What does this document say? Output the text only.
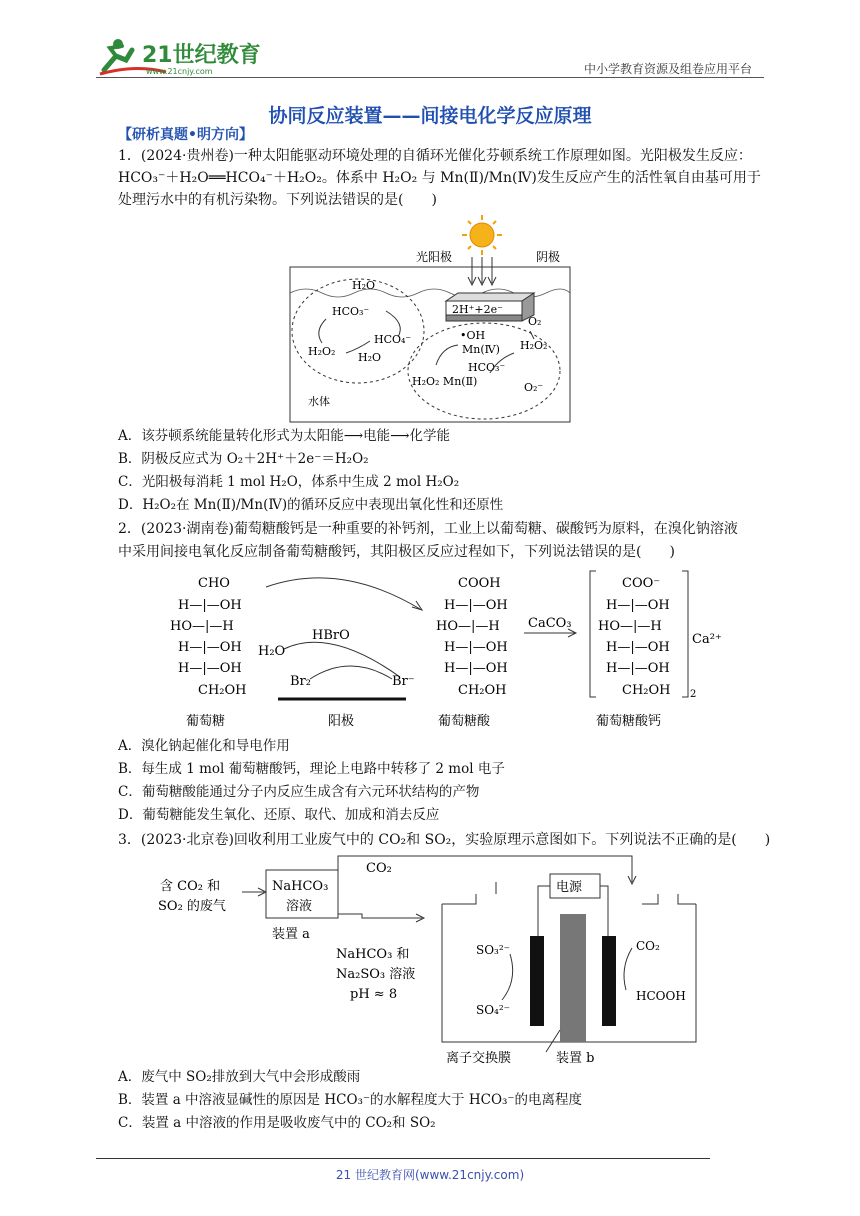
21世纪教育
www.21cnjy.com	中小学教育资源及组卷应用平台
协同反应装置——间接电化学反应原理
【研析真题•明方向】
1．(2024·贵州卷)一种太阳能驱动环境处理的自循环光催化芬顿系统工作原理如图。光阳极发生反应：
HCO₃⁻＋H₂O══HCO₄⁻＋H₂O₂。体系中 H₂O₂ 与 Mn(Ⅱ)/Mn(Ⅳ)发生反应产生的活性氧自由基可用于
处理污水中的有机污染物。下列说法错误的是(　　)
光阳极	阴极
2H⁺+2e⁻
H₂O
HCO₃⁻
HCO₄⁻
H₂O₂ H₂O
O₂
•OH
Mn(Ⅳ) H₂O₂
HCO₃⁻
H₂O₂ Mn(Ⅱ)	O₂⁻
水体
A．该芬顿系统能量转化形式为太阳能⟶电能⟶化学能
B．阴极反应式为 O₂＋2H⁺＋2e⁻＝H₂O₂
C．光阳极每消耗 1 mol H₂O，体系中生成 2 mol H₂O₂
D．H₂O₂在 Mn(Ⅱ)/Mn(Ⅳ)的循环反应中表现出氧化性和还原性
2．(2023·湖南卷)葡萄糖酸钙是一种重要的补钙剂，工业上以葡萄糖、碳酸钙为原料，在溴化钠溶液
中采用间接电氧化反应制备葡萄糖酸钙，其阳极区反应过程如下，下列说法错误的是(　　)
CHO
H—|—OH
HO—|—H
H—|—OH
H—|—OH
CH₂OH
葡萄糖
HBrO
H₂O
Br₂	Br⁻
阳极
COOH
H—|—OH
HO—|—H
H—|—OH
H—|—OH
CH₂OH
葡萄糖酸
CaCO₃
COO⁻
H—|—OH
HO—|—H
H—|—OH
H—|—OH
CH₂OH
Ca²⁺
2
葡萄糖酸钙
A．溴化钠起催化和导电作用
B．每生成 1 mol 葡萄糖酸钙，理论上电路中转移了 2 mol 电子
C．葡萄糖酸能通过分子内反应生成含有六元环状结构的产物
D．葡萄糖能发生氧化、还原、取代、加成和消去反应
3．(2023·北京卷)回收利用工业废气中的 CO₂和 SO₂，实验原理示意图如下。下列说法不正确的是(　　)
含 CO₂ 和
SO₂ 的废气
NaHCO₃
溶液
装置 a
CO₂
NaHCO₃ 和
Na₂SO₃ 溶液
pH ≈ 8
电源
SO₃²⁻
SO₄²⁻
CO₂
HCOOH
离子交换膜	装置 b
A．废气中 SO₂排放到大气中会形成酸雨
B．装置 a 中溶液显碱性的原因是 HCO₃⁻的水解程度大于 HCO₃⁻的电离程度
C．装置 a 中溶液的作用是吸收废气中的 CO₂和 SO₂
21 世纪教育网(www.21cnjy.com)
